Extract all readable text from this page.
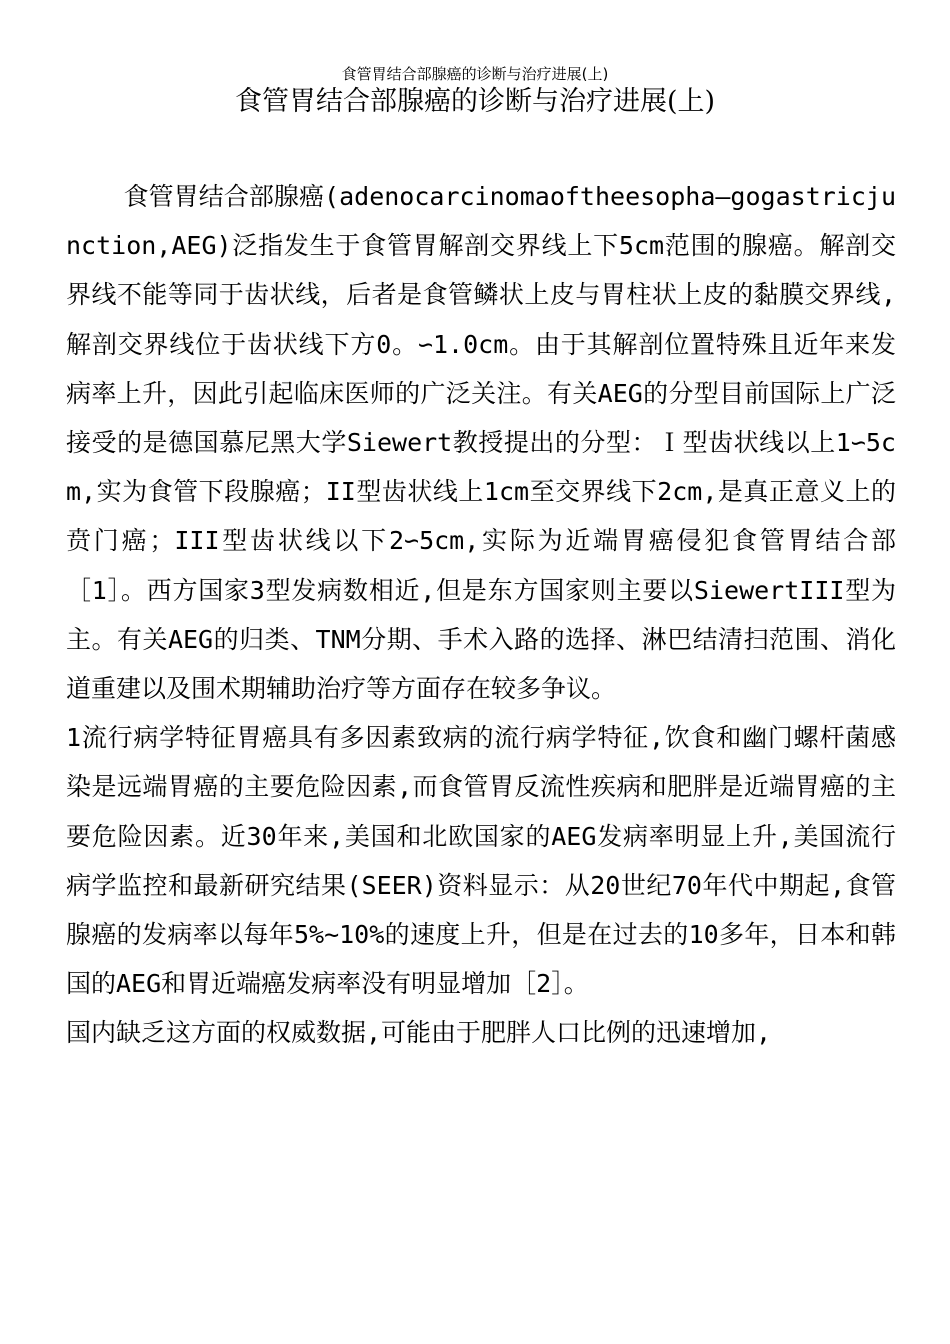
食管胃结合部腺癌的诊断与治疗进展(上)
食管胃结合部腺癌的诊断与治疗进展(上)

食管胃结合部腺癌(adenocarcinomaoftheesopha—gogastricjunction,AEG)泛指发生于食管胃解剖交界线上下5cm范围的腺癌。解剖交界线不能等同于齿状线，后者是食管鳞状上皮与胃柱状上皮的黏膜交界线,解剖交界线位于齿状线下方0。∽1.0cm。由于其解剖位置特殊且近年来发病率上升，因此引起临床医师的广泛关注。有关AEG的分型目前国际上广泛接受的是德国慕尼黑大学Siewert教授提出的分型：Ｉ型齿状线以上1∽5cm,实为食管下段腺癌；II型齿状线上1cm至交界线下2cm,是真正意义上的贲门癌；III型齿状线以下2∽5cm,实际为近端胃癌侵犯食管胃结合部［1］。西方国家3型发病数相近,但是东方国家则主要以SiewertIII型为主。有关AEG的归类、TNM分期、手术入路的选择、淋巴结清扫范围、消化道重建以及围术期辅助治疗等方面存在较多争议。

1流行病学特征胃癌具有多因素致病的流行病学特征,饮食和幽门螺杆菌感染是远端胃癌的主要危险因素,而食管胃反流性疾病和肥胖是近端胃癌的主要危险因素。近30年来,美国和北欧国家的AEG发病率明显上升,美国流行病学监控和最新研究结果(SEER)资料显示：从20世纪70年代中期起,食管腺癌的发病率以每年5%~10%的速度上升，但是在过去的10多年，日本和韩国的AEG和胃近端癌发病率没有明显增加［2］。

国内缺乏这方面的权威数据,可能由于肥胖人口比例的迅速增加,
